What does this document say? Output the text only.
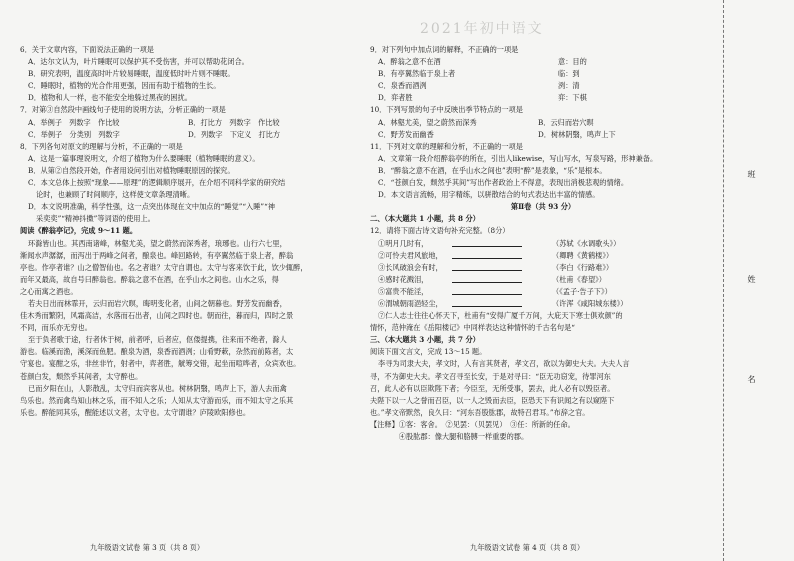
2021年初中语文
6．关于文章内容，下面说法正确的一项是
A．达尔文认为，叶片睡眠可以保护其不受伤害，并可以帮助花闭合。
B．研究表明，温度高时叶片较易睡眠，温度低时叶片则不睡眠。
C．睡眠时，植物的光合作用更强，因而有助于植物的生长。
D．植物和人一样，也不能安全地躲过黑夜的困扰。
7．对第③自然段中画线句子使用的说明方法，分析正确的一项是
A．举例子　列数字　作比较	B．打比方　列数字　作比较
C．举例子　分类别　列数字	D．列数字　下定义　打比方
8．下列各句对原文的理解与分析，不正确的一项是
A．这是一篇事理说明文，介绍了植物为什么要睡眠（植物睡眠的意义）。
B．从第②自然段开始，作者用设问引出对植物睡眠原因的探究。
C．本文总体上按照“现象——原理”的逻辑顺序展开，在介绍不同科学家的研究结
论时，也兼顾了时间顺序，这样使文章条理清晰。
D．本文说明准确，科学性强，这一点突出体现在文中加点的“睡觉”“入睡”“神
采奕奕”“精神抖擞”等词语的使用上。
阅读《醉翁亭记》，完成 9～11 题。
环滁皆山也。其西南诸峰，林壑尤美，望之蔚然而深秀者，琅琊也。山行六七里，
渐闻水声潺潺，而泻出于两峰之间者，酿泉也。峰回路转，有亭翼然临于泉上者，醉翁
亭也。作亭者谁？山之僧智仙也。名之者谁？太守自谓也。太守与客来饮于此，饮少辄醉，
而年又最高，故自号曰醉翁也。醉翁之意不在酒，在乎山水之间也。山水之乐，得
之心而寓之酒也。
若夫日出而林霏开，云归而岩穴暝，晦明变化者，山间之朝暮也。野芳发而幽香，
佳木秀而繁阴，风霜高洁，水落而石出者，山间之四时也。朝而往，暮而归，四时之景
不同，而乐亦无穷也。
至于负者歌于途，行者休于树，前者呼，后者应，伛偻提携，往来而不绝者，滁人
游也。临溪而渔，溪深而鱼肥。酿泉为酒，泉香而酒洌；山肴野蔌，杂然而前陈者，太
守宴也。宴酣之乐，非丝非竹，射者中，弈者胜，觥筹交错，起坐而喧哗者，众宾欢也。
苍颜白发，颓然乎其间者，太守醉也。
已而夕阳在山，人影散乱，太守归而宾客从也。树林阴翳，鸣声上下，游人去而禽
鸟乐也。然而禽鸟知山林之乐，而不知人之乐；人知从太守游而乐，而不知太守之乐其
乐也。醉能同其乐，醒能述以文者，太守也。太守谓谁？庐陵欧阳修也。
九年级语文试卷 第 3 页（共 8 页）
9．对下列句中加点词的解释，不正确的一项是
A．醉翁之意不在酒	意：目的
B．有亭翼然临于泉上者	临：到
C．泉香而酒洌	洌：清
D．弈者胜	弈：下棋
10．下列写景的句子中反映出季节特点的一项是
A．林壑尤美，望之蔚然而深秀	B．云归而岩穴暝
C．野芳发而幽香	D．树林阴翳，鸣声上下
11．下列对文章的理解和分析，不正确的一项是
A．文章第一段介绍醉翁亭的所在，引出人likewise，写山写水，写泉写路，形神兼备。
B．“醉翁之意不在酒，在乎山水之间也”表明“醉”是表象，“乐”是根本。
C．“苍颜白发，颓然乎其间”写出作者政治上不得意，表现出消极悲观的情绪。
D．本文语言流畅，用字精练，以骈散结合的句式表达出丰富的情感。
第Ⅱ卷（共 93 分）
二、（本大题共 1 小题，共 8 分）
12．请将下面古诗文语句补充完整。（8分）
①明月几时有，	（苏轼《水调歌头》）
②可怜夫君风旅地，	（卿聘《黄鹤楼》）
③长风破浪会有时，	（李白《行路难》）
④感时花溅泪，	（杜甫《春望》）
⑤富贵不能淫，	（《孟子·告子下》）
⑥渭城朝雨浥轻尘，	（许浑《咸阳城东楼》）
⑦仁人志士往往心怀天下，杜甫有“安得广厦千万间，大庇天下寒士俱欢颜”的
情怀，范仲淹在《岳阳楼记》中同样表达这种情怀的千古名句是“
三、（本大题共 3 小题，共 7 分）
阅读下面文言文，完成 13～15 题。
李寻为司隶大夫，孝文时，人有言其贤者，孝文召，欲以为御史大夫。大夫人言
寻，不为御史大夫。孝文召寻至长安，于是对寻曰：“臣无功窃宠，待罪河东
召，此人必有以臣欺陛下者；今臣至，无所受事，罢去，此人必有以毁臣者。
夫陛下以一人之誉而召臣，以一人之毁而去臣，臣恐天下有识闻之有以窥陛下
也。”孝文帝默然，良久曰：“河东吾股肱郡，故特召君耳。”布辞之官。
【注释】①客：客舍。　②见罢：（贝罢见）　③任：所新的任命。
　　　　④股肱郡：像大腿和胳膊一样重要的郡。
九年级语文试卷 第 4 页（共 8 页）
班
姓
名
